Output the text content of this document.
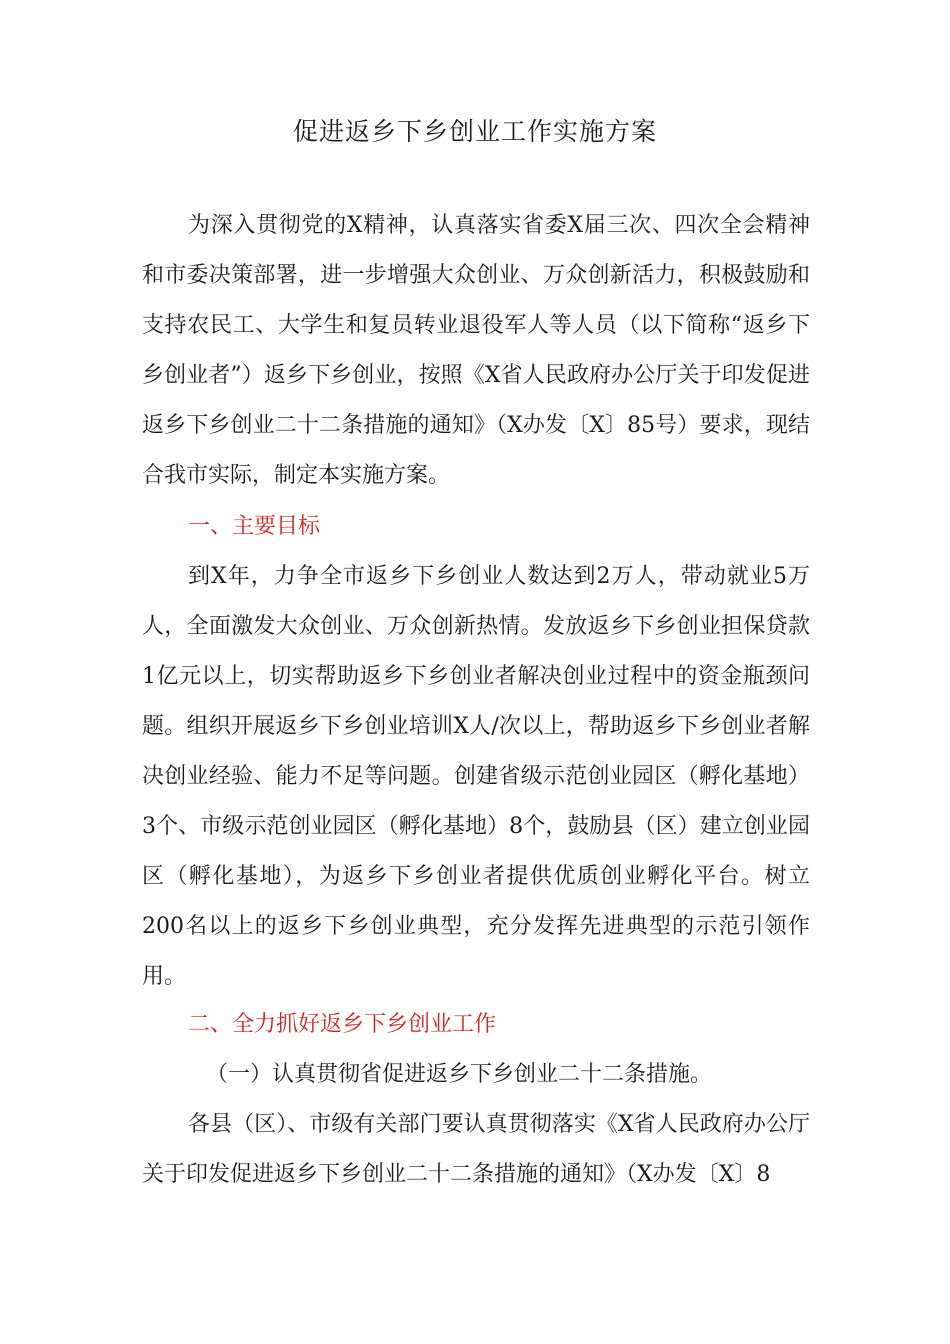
促进返乡下乡创业工作实施方案

为深入贯彻党的X精神，认真落实省委X届三次、四次全会精神和市委决策部署，进一步增强大众创业、万众创新活力，积极鼓励和支持农民工、大学生和复员转业退役军人等人员（以下简称“返乡下乡创业者”）返乡下乡创业，按照《X省人民政府办公厅关于印发促进返乡下乡创业二十二条措施的通知》（X办发〔X〕85号）要求，现结合我市实际，制定本实施方案。

一、主要目标

到X年，力争全市返乡下乡创业人数达到2万人，带动就业5万人，全面激发大众创业、万众创新热情。发放返乡下乡创业担保贷款1亿元以上，切实帮助返乡下乡创业者解决创业过程中的资金瓶颈问题。组织开展返乡下乡创业培训X人/次以上，帮助返乡下乡创业者解决创业经验、能力不足等问题。创建省级示范创业园区（孵化基地）3个、市级示范创业园区（孵化基地）8个，鼓励县（区）建立创业园区（孵化基地），为返乡下乡创业者提供优质创业孵化平台。树立200名以上的返乡下乡创业典型，充分发挥先进典型的示范引领作用。

二、全力抓好返乡下乡创业工作

（一）认真贯彻省促进返乡下乡创业二十二条措施。

各县（区）、市级有关部门要认真贯彻落实《X省人民政府办公厅关于印发促进返乡下乡创业二十二条措施的通知》（X办发〔X〕8
